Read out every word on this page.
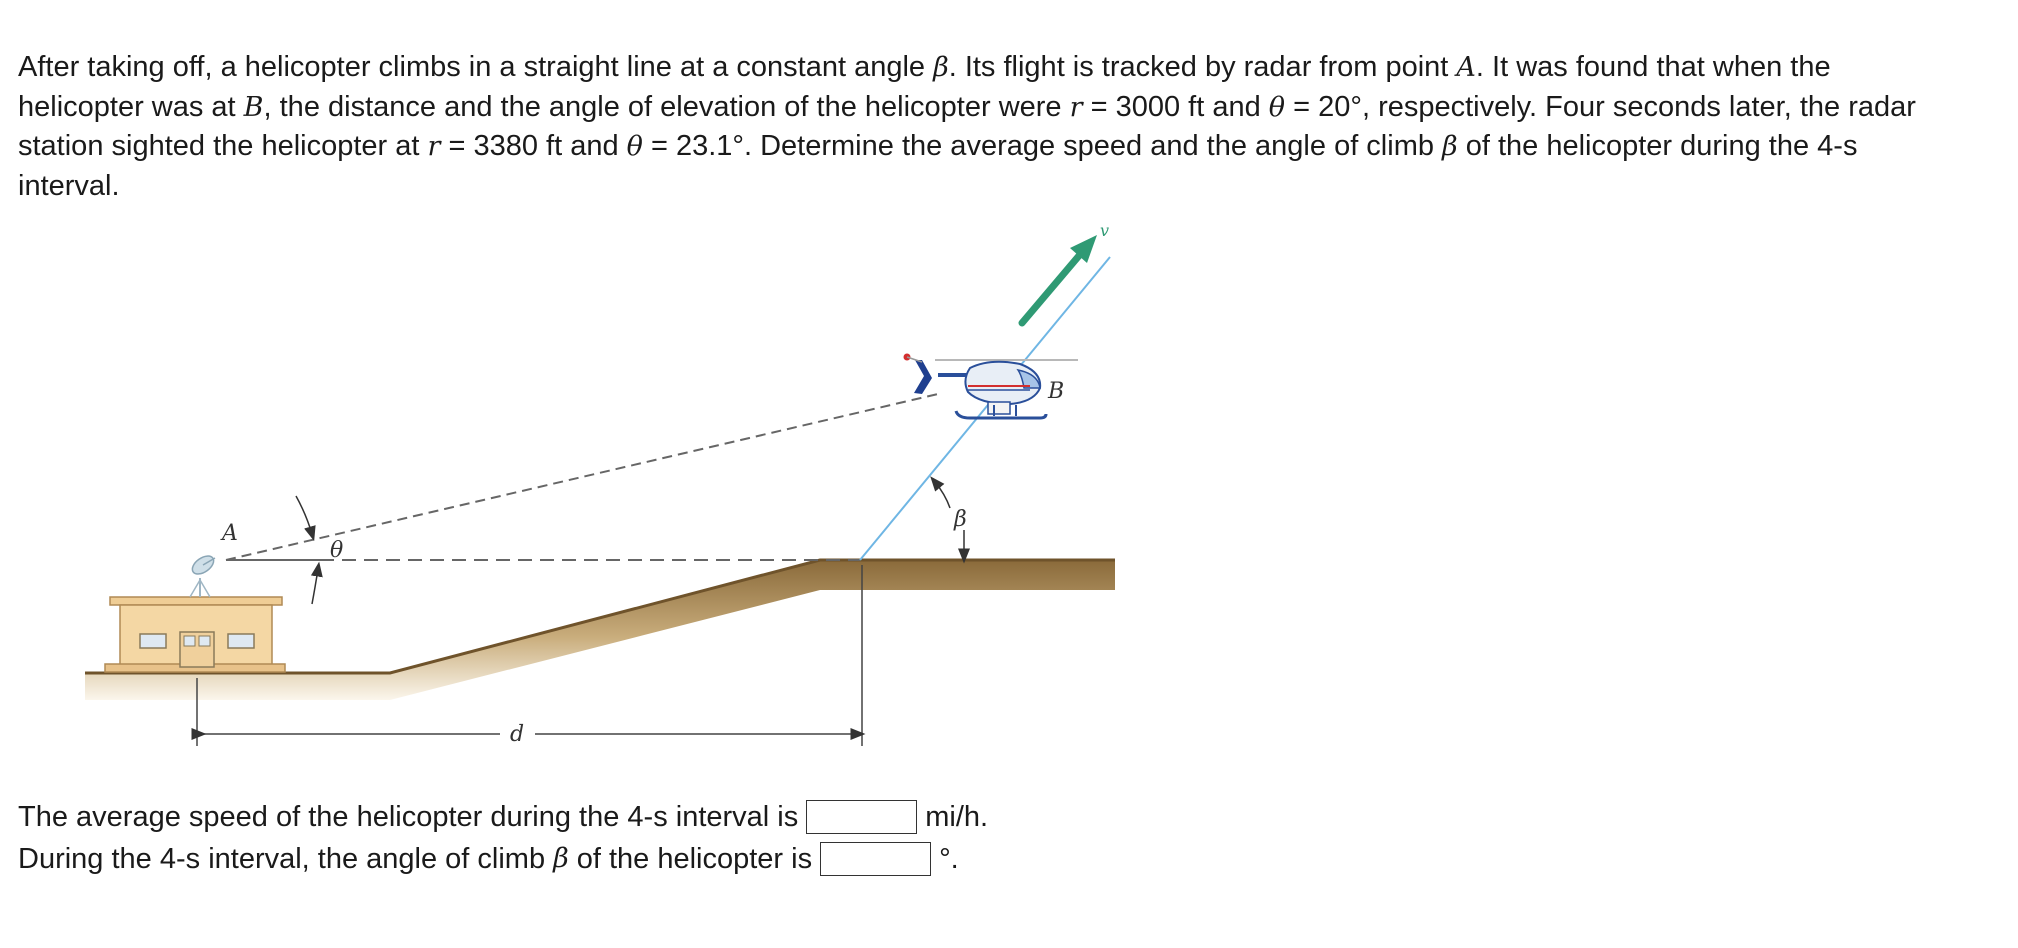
After taking off, a helicopter climbs in a straight line at a constant angle β. Its flight is tracked by radar from point A. It was found that when the helicopter was at B, the distance and the angle of elevation of the helicopter were r = 3000 ft and θ = 20°, respectively. Four seconds later, the radar station sighted the helicopter at r = 3380 ft and θ = 23.1°. Determine the average speed and the angle of climb β of the helicopter during the 4-s interval.
A
θ
B
β
d
v
The average speed of the helicopter during the 4-s interval is	mi/h.
During the 4-s interval, the angle of climb β of the helicopter is	°.
